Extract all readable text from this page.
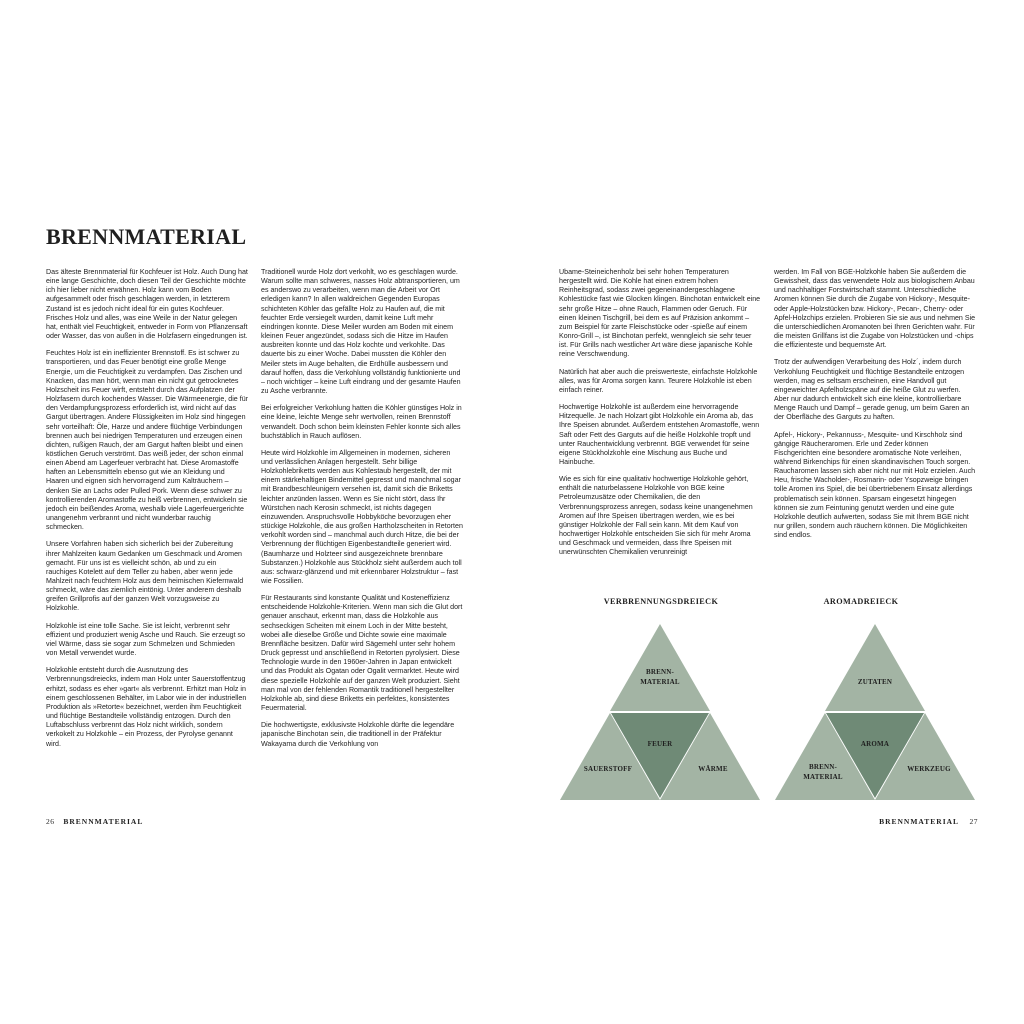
BRENNMATERIAL

Das älteste Brennmaterial für Kochfeuer ist Holz. Auch Dung hat eine lange Geschichte, doch diesen Teil der Geschichte möchte ich hier lieber nicht erwähnen. Holz kann vom Boden aufgesammelt oder frisch geschlagen werden, in letzterem Zustand ist es jedoch nicht ideal für ein gutes Kochfeuer. Frisches Holz und alles, was eine Weile in der Natur gelegen hat, enthält viel Feuchtigkeit, entweder in Form von Pflanzensaft oder Wasser, das von außen in die Holzfasern eingedrungen ist.

Feuchtes Holz ist ein ineffizienter Brennstoff. Es ist schwer zu transportieren, und das Feuer benötigt eine große Menge Energie, um die Feuchtigkeit zu verdampfen. Das Zischen und Knacken, das man hört, wenn man ein nicht gut getrocknetes Holzscheit ins Feuer wirft, entsteht durch das Aufplatzen der Holzfasern durch kochendes Wasser. Die Wärmeenergie, die für den Verdampfungsprozess erforderlich ist, wird nicht auf das Gargut übertragen. Andere Flüssigkeiten im Holz sind hingegen sehr vorteilhaft: Öle, Harze und andere flüchtige Verbindungen brennen auch bei niedrigen Temperaturen und erzeugen einen dichten, rußigen Rauch, der am Gargut haften bleibt und einen köstlichen Geruch verströmt. Das weiß jeder, der schon einmal einen Abend am Lagerfeuer verbracht hat. Diese Aromastoffe haften an Lebensmitteln ebenso gut wie an Kleidung und Haaren und eignen sich hervorragend zum Kalträuchern – denken Sie an Lachs oder Pulled Pork. Wenn diese schwer zu kontrollierenden Aromastoffe zu heiß verbrennen, entwickeln sie jedoch ein beißendes Aroma, weshalb viele Lagerfeuergerichte unangenehm verbrannt und nicht wunderbar rauchig schmecken.

Unsere Vorfahren haben sich sicherlich bei der Zubereitung ihrer Mahlzeiten kaum Gedanken um Geschmack und Aromen gemacht. Für uns ist es vielleicht schön, ab und zu ein rauchiges Kotelett auf dem Teller zu haben, aber wenn jede Mahlzeit nach feuchtem Holz aus dem heimischen Kiefernwald schmeckt, wäre das ziemlich eintönig. Unter anderem deshalb greifen Grillprofis auf der ganzen Welt vorzugsweise zu Holzkohle.

Holzkohle ist eine tolle Sache. Sie ist leicht, verbrennt sehr effizient und produziert wenig Asche und Rauch. Sie erzeugt so viel Wärme, dass sie sogar zum Schmelzen und Schmieden von Metall verwendet wurde.

Holzkohle entsteht durch die Ausnutzung des Verbrennungsdreiecks, indem man Holz unter Sauerstoffentzug erhitzt, sodass es eher »gart« als verbrennt. Erhitzt man Holz in einem geschlossenen Behälter, im Labor wie in der industriellen Produktion als »Retorte« bezeichnet, werden ihm Feuchtigkeit und flüchtige Bestandteile vollständig entzogen. Durch den Luftabschluss verbrennt das Holz nicht wirklich, sondern verkokelt zu Holzkohle – ein Prozess, der Pyrolyse genannt wird.

Traditionell wurde Holz dort verkohlt, wo es geschlagen wurde. Warum sollte man schweres, nasses Holz abtransportieren, um es anderswo zu verarbeiten, wenn man die Arbeit vor Ort erledigen kann? In allen waldreichen Gegenden Europas schichteten Köhler das gefällte Holz zu Haufen auf, die mit feuchter Erde versiegelt wurden, damit keine Luft mehr eindringen konnte. Diese Meiler wurden am Boden mit einem kleinen Feuer angezündet, sodass sich die Hitze im Haufen ausbreiten konnte und das Holz kochte und verkohlte. Das dauerte bis zu einer Woche. Dabei mussten die Köhler den Meiler stets im Auge behalten, die Erdhülle ausbessern und darauf hoffen, dass die Verkohlung vollständig funktionierte und – noch wichtiger – keine Luft eindrang und der gesamte Haufen zu Asche verbrannte.

Bei erfolgreicher Verkohlung hatten die Köhler günstiges Holz in eine kleine, leichte Menge sehr wertvollen, reinen Brennstoff verwandelt. Doch schon beim kleinsten Fehler konnte sich alles buchstäblich in Rauch auflösen.

Heute wird Holzkohle im Allgemeinen in modernen, sicheren und verlässlichen Anlagen hergestellt. Sehr billige Holzkohlebriketts werden aus Kohlestaub hergestellt, der mit einem stärkehaltigen Bindemittel gepresst und manchmal sogar mit Brandbeschleunigern versehen ist, damit sich die Briketts leichter anzünden lassen. Wenn es Sie nicht stört, dass Ihr Würstchen nach Kerosin schmeckt, ist nichts dagegen einzuwenden. Anspruchsvolle Hobbyköche bevorzugen eher stückige Holzkohle, die aus großen Hartholzscheiten in Retorten verkohlt worden sind – manchmal auch durch Hitze, die bei der Verbrennung der flüchtigen Eigenbestandteile generiert wird. (Baumharze und Holzteer sind ausgezeichnete brennbare Substanzen.) Holzkohle aus Stückholz sieht außerdem auch toll aus: schwarz-glänzend und mit erkennbarer Holzstruktur – fast wie Fossilien.

Für Restaurants sind konstante Qualität und Kosteneffizienz entscheidende Holzkohle-Kriterien. Wenn man sich die Glut dort genauer anschaut, erkennt man, dass die Holzkohle aus sechseckigen Scheiten mit einem Loch in der Mitte besteht, wobei alle dieselbe Größe und Dichte sowie eine maximale Brennfläche besitzen. Dafür wird Sägemehl unter sehr hohem Druck gepresst und anschließend in Retorten pyrolysiert. Diese Technologie wurde in den 1960er-Jahren in Japan entwickelt und das Produkt als Ogatan oder Ogalit vermarktet. Heute wird diese spezielle Holzkohle auf der ganzen Welt produziert. Sieht man mal von der fehlenden Romantik traditionell hergestellter Holzkohle ab, sind diese Briketts ein perfektes, konsistentes Feuermaterial.

Die hochwertigste, exklusivste Holzkohle dürfte die legendäre japanische Binchotan sein, die traditionell in der Präfektur Wakayama durch die Verkohlung von

Ubame-Steineichenholz bei sehr hohen Temperaturen hergestellt wird. Die Kohle hat einen extrem hohen Reinheitsgrad, sodass zwei gegeneinandergeschlagene Kohlestücke fast wie Glocken klingen. Binchotan entwickelt eine sehr große Hitze – ohne Rauch, Flammen oder Geruch. Für einen kleinen Tischgrill, bei dem es auf Präzision ankommt – zum Beispiel für zarte Fleischstücke oder -spieße auf einem Konro-Grill –, ist Binchotan perfekt, wenngleich sie sehr teuer ist. Für Grills nach westlicher Art wäre diese japanische Kohle reine Verschwendung.

Natürlich hat aber auch die preiswerteste, einfachste Holzkohle alles, was für Aroma sorgen kann. Teurere Holzkohle ist eben einfach reiner.

Hochwertige Holzkohle ist außerdem eine hervorragende Hitzequelle. Je nach Holzart gibt Holzkohle ein Aroma ab, das Ihre Speisen abrundet. Außerdem entstehen Aromastoffe, wenn Saft oder Fett des Garguts auf die heiße Holzkohle tropft und unter Rauchentwicklung verbrennt. BGE verwendet für seine eigene Stückholzkohle eine Mischung aus Buche und Hainbuche.

Wie es sich für eine qualitativ hochwertige Holzkohle gehört, enthält die naturbelassene Holzkohle von BGE keine Petroleumzusätze oder Chemikalien, die den Verbrennungsprozess anregen, sodass keine unangenehmen Aromen auf Ihre Speisen übertragen werden, wie es bei günstiger Holzkohle der Fall sein kann. Mit dem Kauf von hochwertiger Holzkohle entscheiden Sie sich für mehr Aroma und Geschmack und vermeiden, dass Ihre Speisen mit unerwünschten Chemikalien verunreinigt

werden. Im Fall von BGE-Holzkohle haben Sie außerdem die Gewissheit, dass das verwendete Holz aus biologischem Anbau und nachhaltiger Forstwirtschaft stammt. Unterschiedliche Aromen können Sie durch die Zugabe von Hickory-, Mesquite- oder Apple-Holzstücken bzw. Hickory-, Pecan-, Cherry- oder Apfel-Holzchips erzielen. Probieren Sie sie aus und nehmen Sie die unterschiedlichen Aromanoten bei Ihren Gerichten wahr. Für die meisten Grillfans ist die Zugabe von Holzstücken und -chips die effizienteste und bequemste Art.

Trotz der aufwendigen Verarbeitung des Holz´, indem durch Verkohlung Feuchtigkeit und flüchtige Bestandteile entzogen werden, mag es seltsam erscheinen, eine Handvoll gut eingeweichter Apfelholzspäne auf die heiße Glut zu werfen. Aber nur dadurch entwickelt sich eine kleine, kontrollierbare Menge Rauch und Dampf – gerade genug, um beim Garen an der Oberfläche des Garguts zu haften.

Apfel-, Hickory-, Pekannuss-, Mesquite- und Kirschholz sind gängige Räucheraromen. Erle und Zeder können Fischgerichten eine besondere aromatische Note verleihen, während Birkenchips für einen skandinavischen Touch sorgen. Raucharomen lassen sich aber nicht nur mit Holz erzielen. Auch Heu, frische Wacholder-, Rosmarin- oder Ysopzweige bringen tolle Aromen ins Spiel, die bei übertriebenem Einsatz allerdings problematisch sein können. Sparsam eingesetzt hingegen können sie zum Feintuning genutzt werden und eine gute Holzkohle deutlich aufwerten, sodass Sie mit Ihrem BGE nicht nur grillen, sondern auch räuchern können. Die Möglichkeiten sind endlos.

VERBRENNUNGSDREIECK
BRENN-
MATERIAL
FEUER
SAUERSTOFF	WÄRME
AROMADREIECK
ZUTATEN
AROMA
BRENN-
MATERIAL
WERKZEUG
26 BRENNMATERIAL	BRENNMATERIAL 27
